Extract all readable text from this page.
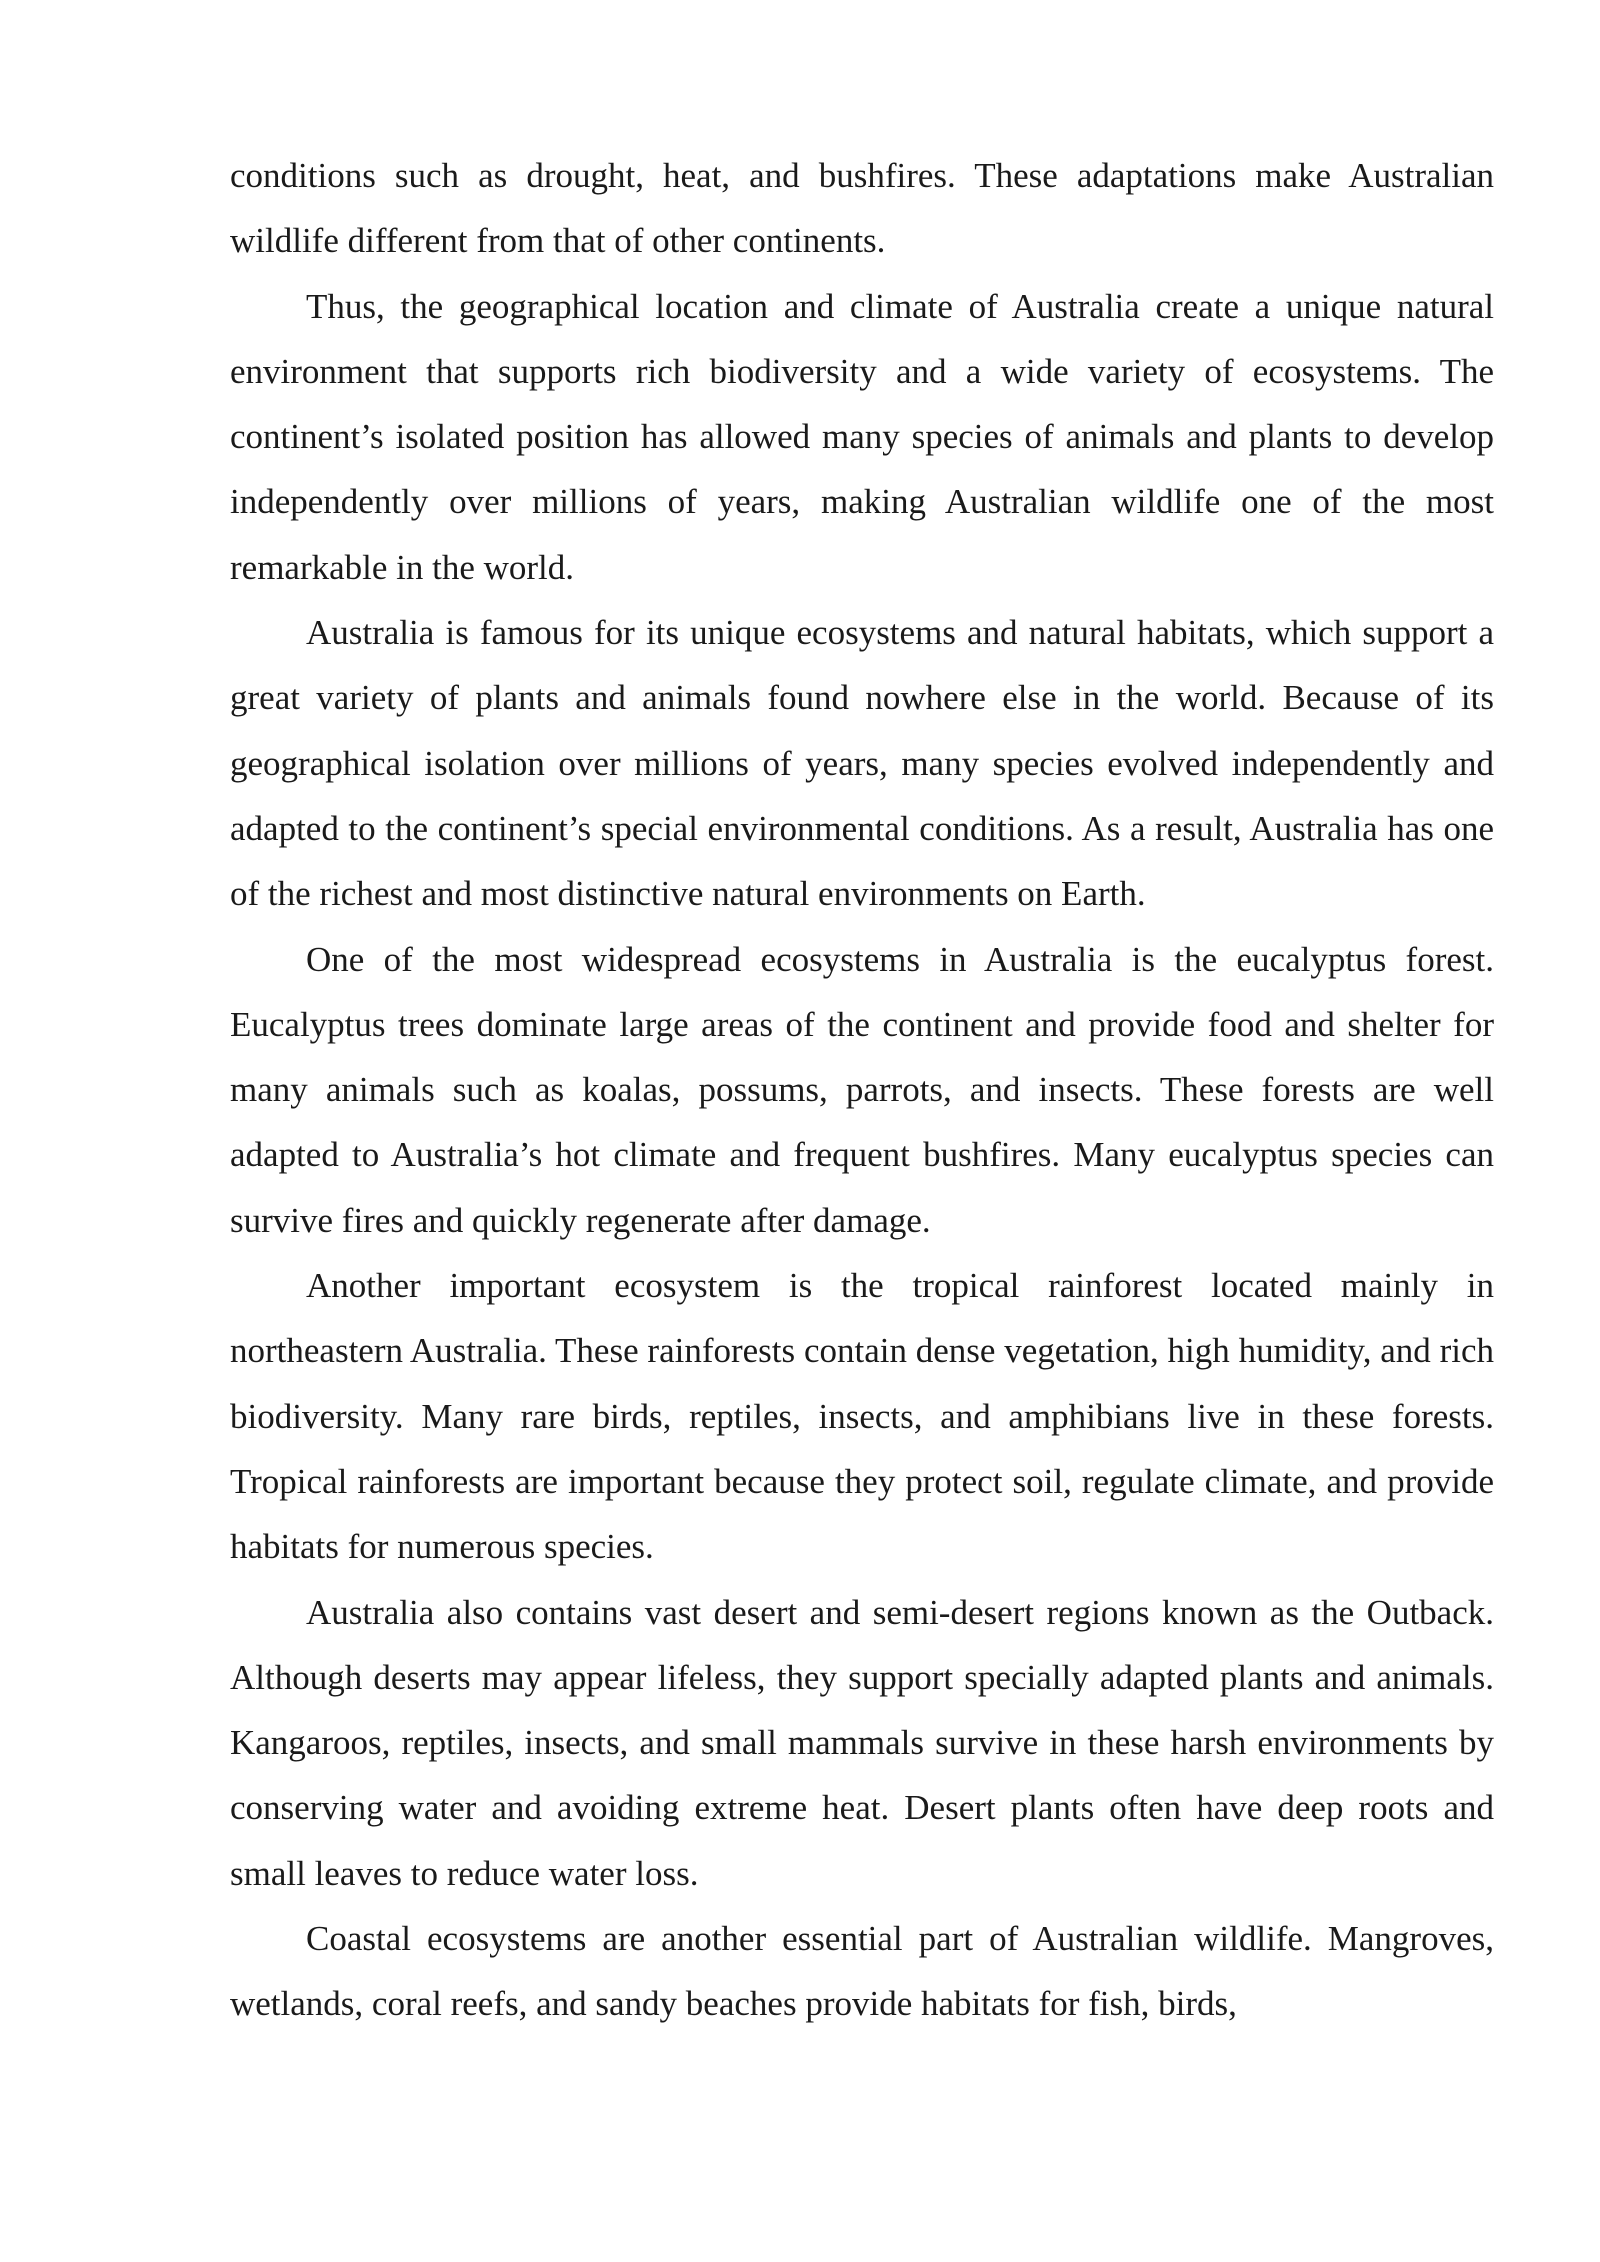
conditions such as drought, heat, and bushfires. These adaptations make Australian wildlife different from that of other continents.

Thus, the geographical location and climate of Australia create a unique natural environment that supports rich biodiversity and a wide variety of ecosystems. The continent’s isolated position has allowed many species of animals and plants to develop independently over millions of years, making Australian wildlife one of the most remarkable in the world.

Australia is famous for its unique ecosystems and natural habitats, which support a great variety of plants and animals found nowhere else in the world. Because of its geographical isolation over millions of years, many species evolved independently and adapted to the continent’s special environmental conditions. As a result, Australia has one of the richest and most distinctive natural environments on Earth.

One of the most widespread ecosystems in Australia is the eucalyptus forest. Eucalyptus trees dominate large areas of the continent and provide food and shelter for many animals such as koalas, possums, parrots, and insects. These forests are well adapted to Australia’s hot climate and frequent bushfires. Many eucalyptus species can survive fires and quickly regenerate after damage.

Another important ecosystem is the tropical rainforest located mainly in northeastern Australia. These rainforests contain dense vegetation, high humidity, and rich biodiversity. Many rare birds, reptiles, insects, and amphibians live in these forests. Tropical rainforests are important because they protect soil, regulate climate, and provide habitats for numerous species.

Australia also contains vast desert and semi-desert regions known as the Outback. Although deserts may appear lifeless, they support specially adapted plants and animals. Kangaroos, reptiles, insects, and small mammals survive in these harsh environments by conserving water and avoiding extreme heat. Desert plants often have deep roots and small leaves to reduce water loss.

Coastal ecosystems are another essential part of Australian wildlife. Mangroves, wetlands, coral reefs, and sandy beaches provide habitats for fish, birds,
